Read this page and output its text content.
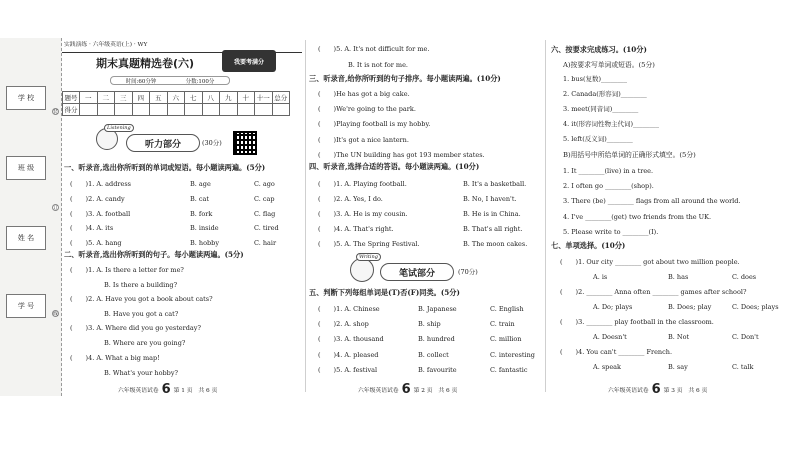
学 校
班 级
姓 名
学 号
装
订
线
实践演练 · 六年级英语(上) · WY
期末真题精选卷(六)	我要考满分
时间:60分钟	分数:100分
题号	一	二	三	四	五	六	七	八	九	十	十一	总分
得分												
Listening
听力部分	(30分)
一、听录音,选出你所听到的单词或短语。每小题读两遍。(5分)
(　　)1. A. address	B. age	C. ago
(　　)2. A. candy	B. cat	C. cap
(　　)3. A. football	B. fork	C. flag
(　　)4. A. its	B. inside	C. tired
(　　)5. A. hang	B. hobby	C. hair
二、听录音,选出你所听到的句子。每小题读两遍。(5分)
(　　)1. A. Is there a letter for me?
B. Is there a building?
(　　)2. A. Have you got a book about cats?
B. Have you got a cat?
(　　)3. A. Where did you go yesterday?
B. Where are you going?
(　　)4. A. What a big map!
B. What's your hobby?
(　　)5. A. It's not difficult for me.
B. It is not for me.
三、听录音,给你所听到的句子排序。每小题读两遍。(10分)
(　　)He has got a big cake.
(　　)We're going to the park.
(　　)Playing football is my hobby.
(　　)It's got a nice lantern.
(　　)The UN building has got 193 member states.
四、听录音,选择合适的答语。每小题读两遍。(10分)
(　　)1. A. Playing football.	B. It's a basketball.
(　　)2. A. Yes, I do.	B. No, I haven't.
(　　)3. A. He is my cousin.	B. He is in China.
(　　)4. A. That's right.	B. That's all right.
(　　)5. A. The Spring Festival.	B. The moon cakes.
Writing
笔试部分	(70分)
五、判断下列每组单词是(T)否(F)同类。(5分)
(　　)1. A. Chinese	B. Japanese	C. English
(　　)2. A. shop	B. ship	C. train
(　　)3. A. thousand	B. hundred	C. million
(　　)4. A. pleased	B. collect	C. interesting
(　　)5. A. festival	B. favourite	C. fantastic
六、按要求完成练习。(10分)
A)按要求写单词或短语。(5分)
1. bus(复数)________
2. Canada(形容词)________
3. meet(同音词)________
4. it(形容词性物主代词)________
5. left(反义词)________
B)用括号中所给单词的正确形式填空。(5分)
1. It ________(live) in a tree.
2. I often go ________(shop).
3. There (be) ________ flags from all around the world.
4. I've ________(get) two friends from the UK.
5. Please write to ________(I).
七、单项选择。(10分)
(　　)1. Our city ________ got about two million people.
A. is	B. has	C. does
(　　)2. ________ Anna often ________ games after school?
A. Do; plays	B. Does; play	C. Does; plays
(　　)3. ________ play football in the classroom.
A. Doesn't	B. Not	C. Don't
(　　)4. You can't ________ French.
A. speak	B. say	C. talk
六年级英语试卷 6 第 1 页　共 6 页	六年级英语试卷 6 第 2 页　共 6 页	六年级英语试卷 6 第 3 页　共 6 页
